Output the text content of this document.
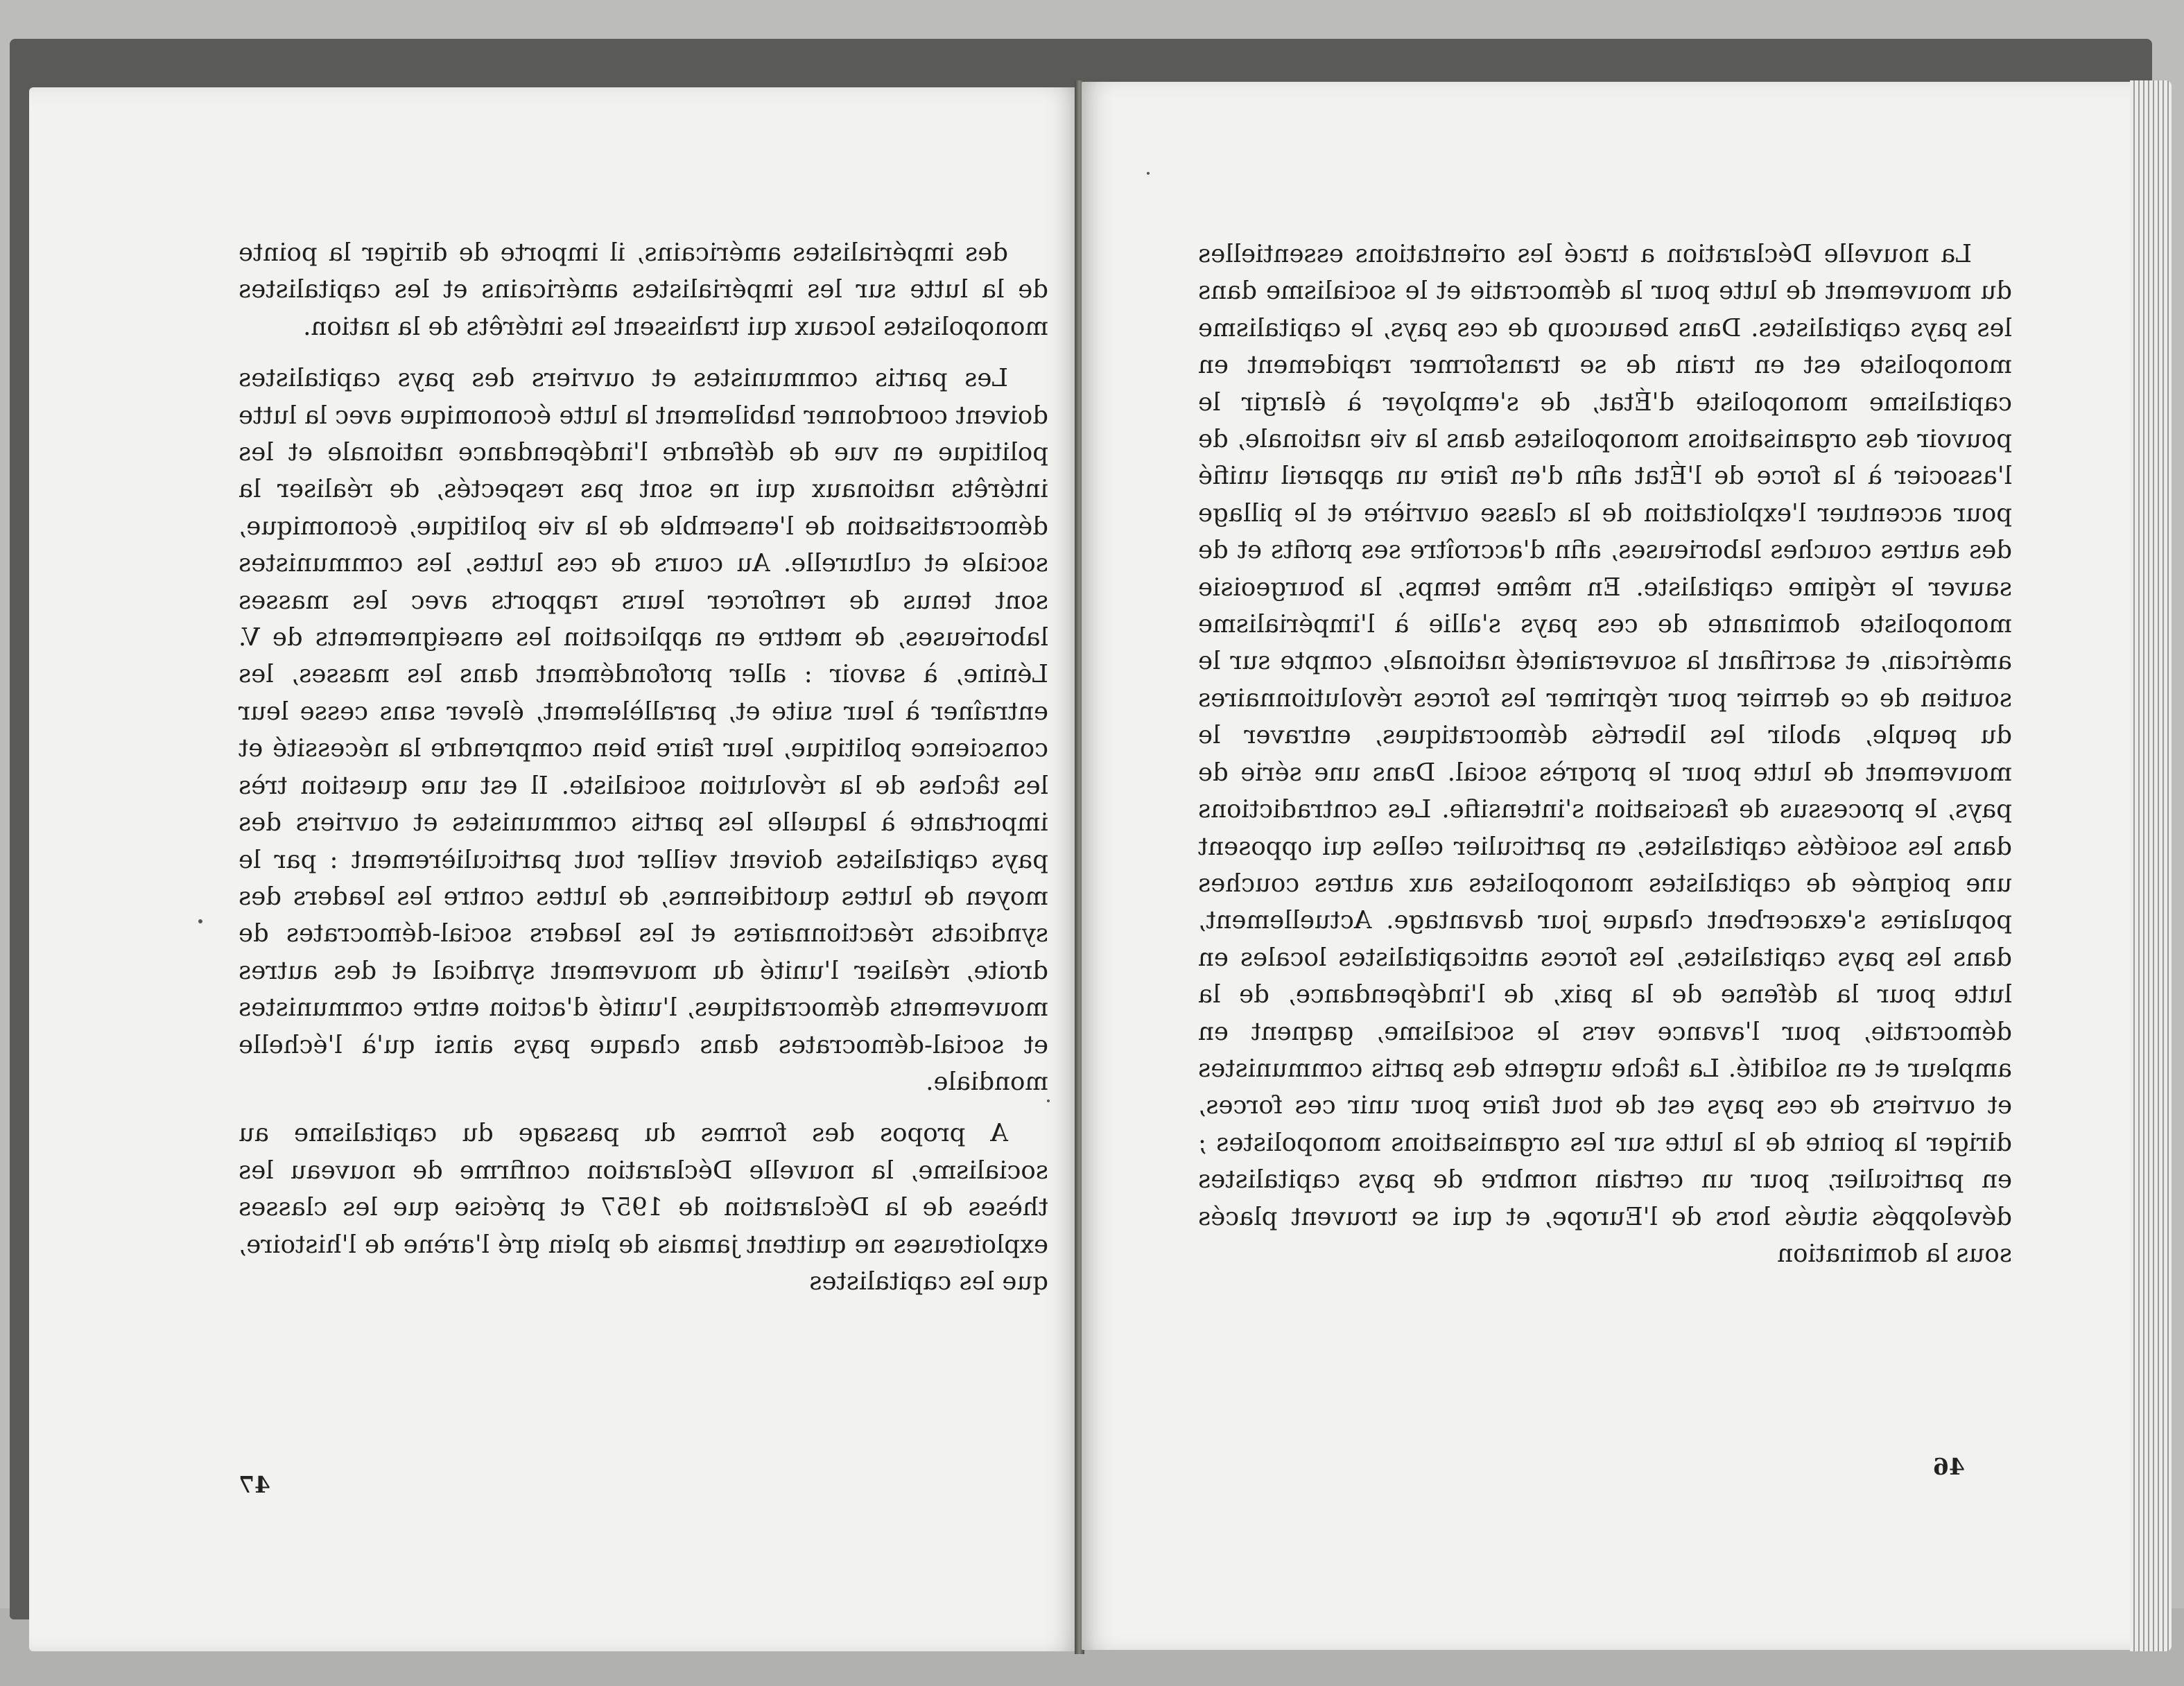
des impérialistes américains, il importe de diriger la pointe de la lutte sur les impérialistes américains et les capitalistes monopolistes locaux qui trahissent les intérêts de la nation.

Les partis communistes et ouvriers des pays capitalistes doivent coordonner habilement la lutte économique avec la lutte politique en vue de défendre l'indépendance nationale et les intérêts nationaux qui ne sont pas respectés, de réaliser la démocratisation de l'ensemble de la vie politique, économique, sociale et culturelle. Au cours de ces luttes, les communistes sont tenus de renforcer leurs rapports avec les masses laborieuses, de mettre en application les enseignements de V. Lénine, à savoir : aller profondément dans les masses, les entraîner à leur suite et, parallèlement, élever sans cesse leur conscience politique, leur faire bien comprendre la nécessité et les tâches de la révolution socialiste. Il est une question très importante à laquelle les partis communistes et ouvriers des pays capitalistes doivent veiller tout particulièrement : par le moyen de luttes quotidiennes, de luttes contre les leaders des syndicats réactionnaires et les leaders social-démocrates de droite, réaliser l'unité du mouvement syndical et des autres mouvements démocratiques, l'unité d'action entre communistes et social-démocrates dans chaque pays ainsi qu'à l'échelle mondiale.

A propos des formes du passage du capitalisme au socialisme, la nouvelle Déclaration confirme de nouveau les thèses de la Déclaration de 1957 et précise que les classes exploiteuses ne quittent jamais de plein gré l'arène de l'histoire, que les capitalistes

47

La nouvelle Déclaration a tracé les orientations essentielles du mouvement de lutte pour la démocratie et le socialisme dans les pays capitalistes. Dans beaucoup de ces pays, le capitalisme monopoliste est en train de se transformer rapidement en capitalisme monopoliste d'État, de s'employer à élargir le pouvoir des organisations monopolistes dans la vie nationale, de l'associer à la force de l'État afin d'en faire un appareil unifié pour accentuer l'exploitation de la classe ouvrière et le pillage des autres couches laborieuses, afin d'accroître ses profits et de sauver le régime capitaliste. En même temps, la bourgeoisie monopoliste dominante de ces pays s'allie à l'impérialisme américain, et sacrifiant la souveraineté nationale, compte sur le soutien de ce dernier pour réprimer les forces révolutionnaires du peuple, abolir les libertés démocratiques, entraver le mouvement de lutte pour le progrès social. Dans une série de pays, le processus de fascisation s'intensifie. Les contradictions dans les sociétés capitalistes, en particulier celles qui opposent une poignée de capitalistes monopolistes aux autres couches populaires s'exacerbent chaque jour davantage. Actuellement, dans les pays capitalistes, les forces anticapitalistes locales en lutte pour la défense de la paix, de l'indépendance, de la démocratie, pour l'avance vers le socialisme, gagnent en ampleur et en solidité. La tâche urgente des partis communistes et ouvriers de ces pays est de tout faire pour unir ces forces, diriger la pointe de la lutte sur les organisations monopolistes ; en particulier, pour un certain nombre de pays capitalistes développés situés hors de l'Europe, et qui se trouvent placés sous la domination

46
